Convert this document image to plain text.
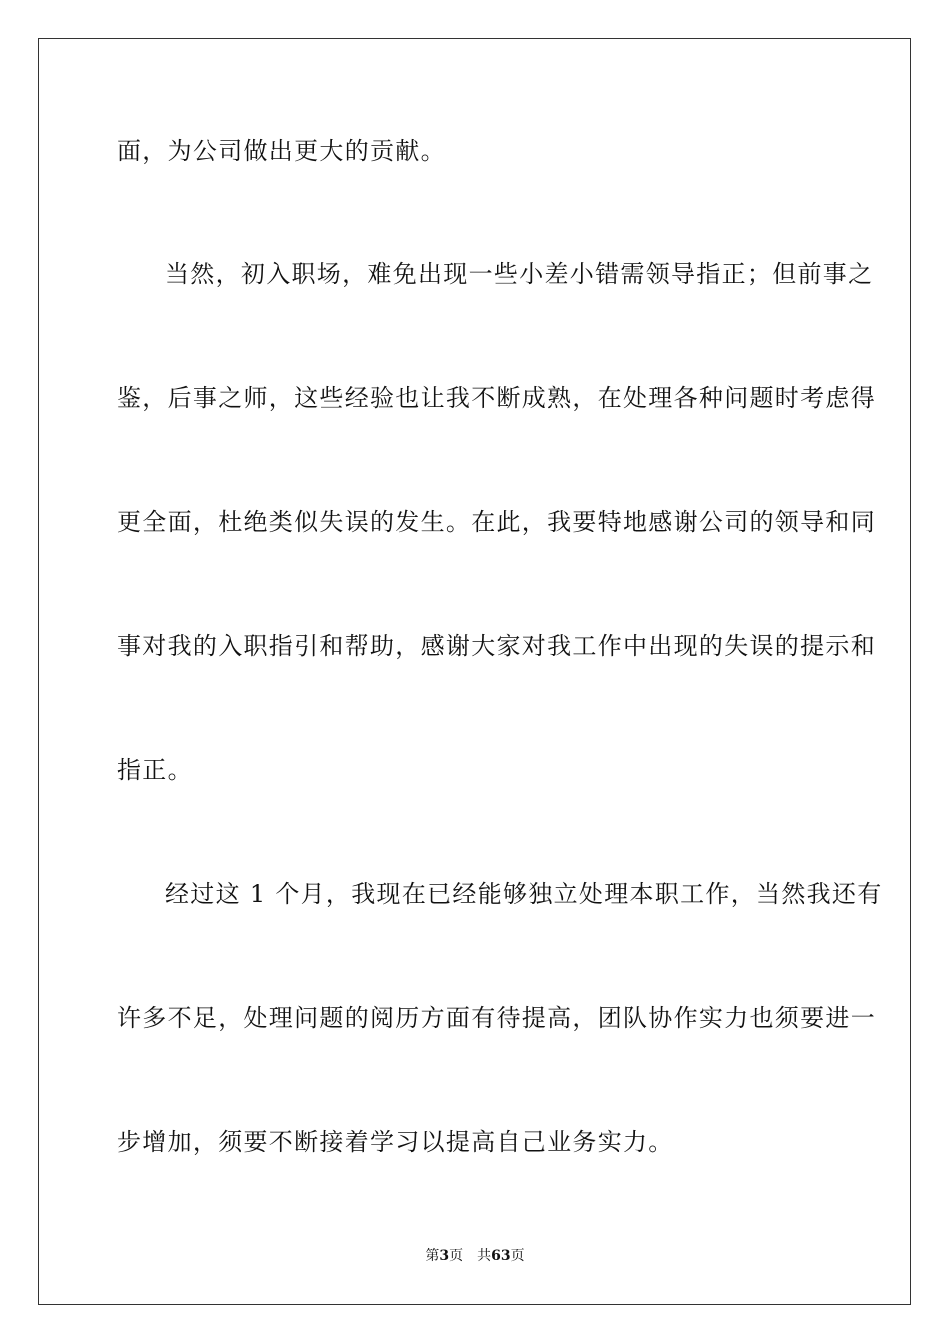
面，为公司做出更大的贡献。
当然，初入职场，难免出现一些小差小错需领导指正；但前事之
鉴，后事之师，这些经验也让我不断成熟，在处理各种问题时考虑得
更全面，杜绝类似失误的发生。在此，我要特地感谢公司的领导和同
事对我的入职指引和帮助，感谢大家对我工作中出现的失误的提示和
指正。
经过这 1 个月，我现在已经能够独立处理本职工作，当然我还有
许多不足，处理问题的阅历方面有待提高，团队协作实力也须要进一
步增加，须要不断接着学习以提高自己业务实力。
第3页 共63页
